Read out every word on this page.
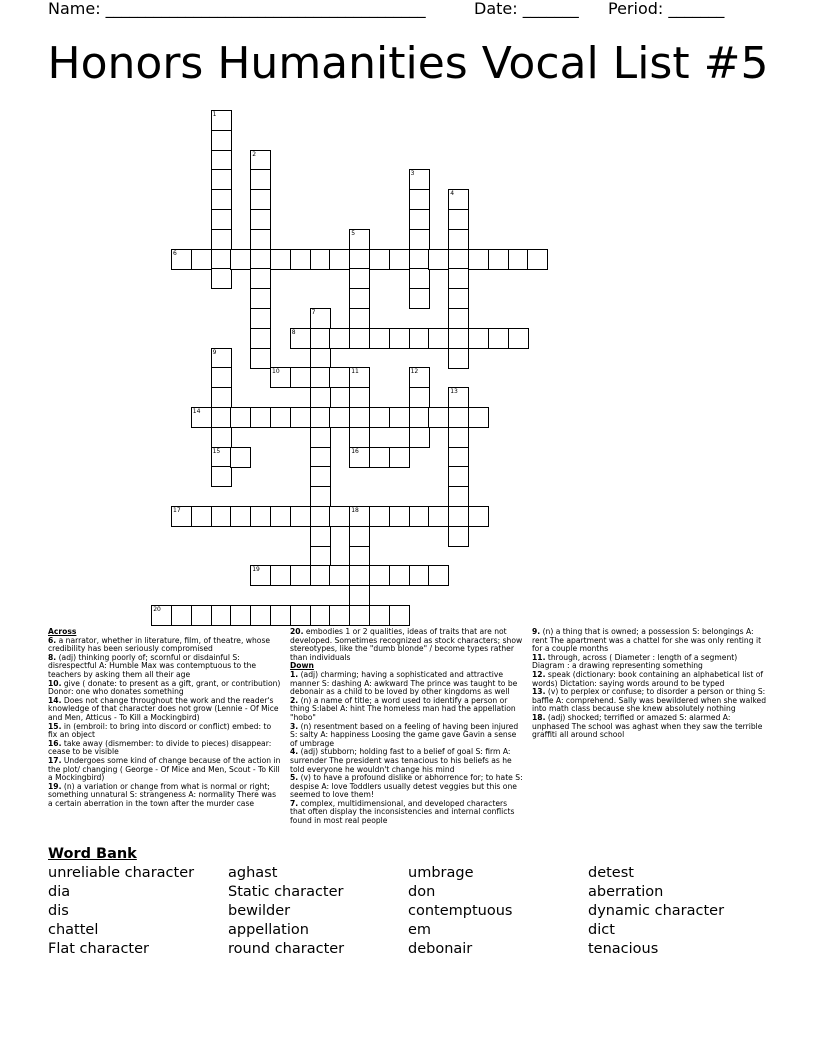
Name: ________________________________________	Date: _______ Period: _______
Honors Humanities Vocal List #5
1
2
3
4
5
6
7
8
9
10	11	12
13
14
15	16
17	18
19
20
Across
6. a narrator, whether in literature, film, of theatre, whose credibility has been seriously compromised
8. (adj) thinking poorly of; scornful or disdainful S: disrespectful A: Humble Max was contemptuous to the teachers by asking them all their age
10. give ( donate: to present as a gift, grant, or contribution) Donor: one who donates something
14. Does not change throughout the work and the reader's knowledge of that character does not grow (Lennie - Of Mice and Men, Atticus - To Kill a Mockingbird)
15. in (embroil: to bring into discord or conflict) embed: to fix an object
16. take away (dismember: to divide to pieces) disappear: cease to be visible
17. Undergoes some kind of change because of the action in the plot/ changing ( George - Of Mice and Men, Scout - To Kill a Mockingbird)
19. (n) a variation or change from what is normal or right; something unnatural S: strangeness A: normality There was a certain aberration in the town after the murder case
20. embodies 1 or 2 qualities, ideas of traits that are not developed. Sometimes recognized as stock characters; show stereotypes, like the "dumb blonde" / become types rather than individuals
Down
1. (adj) charming; having a sophisticated and attractive manner S: dashing A: awkward The prince was taught to be debonair as a child to be loved by other kingdoms as well
2. (n) a name of title; a word used to identify a person or thing S:label A: hint The homeless man had the appellation "hobo"
3. (n) resentment based on a feeling of having been injured S: salty A: happiness Loosing the game gave Gavin a sense of umbrage
4. (adj) stubborn; holding fast to a belief of goal S: firm A: surrender The president was tenacious to his beliefs as he told everyone he wouldn't change his mind
5. (v) to have a profound dislike or abhorrence for; to hate S: despise A: love Toddlers usually detest veggies but this one seemed to love them!
7. complex, multidimensional, and developed characters that often display the inconsistencies and internal conflicts found in most real people
9. (n) a thing that is owned; a possession S: belongings A: rent The apartment was a chattel for she was only renting it for a couple months
11. through, across ( Diameter : length of a segment) Diagram : a drawing representing something
12. speak (dictionary: book containing an alphabetical list of words) Dictation: saying words around to be typed
13. (v) to perplex or confuse; to disorder a person or thing S: baffle A: comprehend. Sally was bewildered when she walked into math class because she knew absolutely nothing
18. (adj) shocked; terrified or amazed S: alarmed A: unphased The school was aghast when they saw the terrible graffiti all around school
Word Bank
unreliable character
dia
dis
chattel
Flat character
aghast
Static character
bewilder
appellation
round character
umbrage
don
contemptuous
em
debonair
detest
aberration
dynamic character
dict
tenacious
